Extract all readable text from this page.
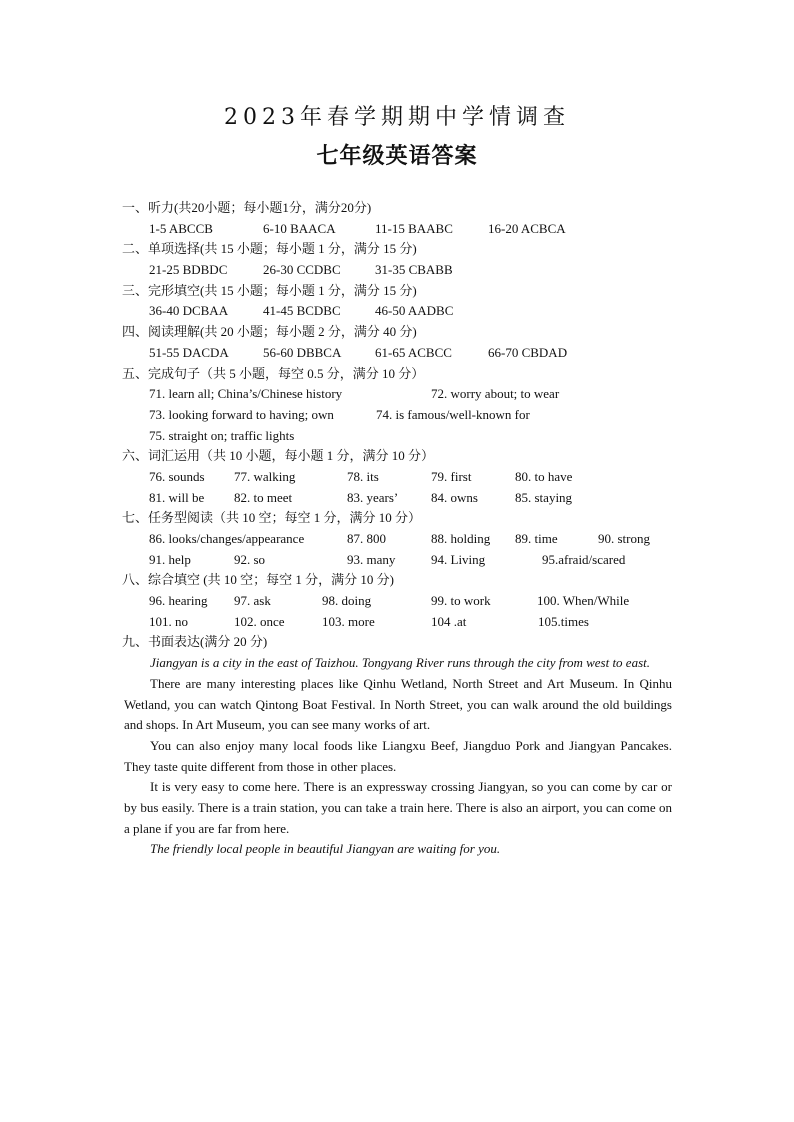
2023年春学期期中学情调查
七年级英语答案
一、听力(共20小题；每小题1分，满分20分)
1-5 ABCCB	6-10 BAACA	11-15 BAABC	16-20 ACBCA
二、单项选择(共 15 小题；每小题 1 分，满分 15 分)
21-25 BDBDC	26-30 CCDBC	31-35 CBABB
三、完形填空(共 15 小题；每小题 1 分，满分 15 分)
36-40 DCBAA	41-45 BCDBC	46-50 AADBC
四、阅读理解(共 20 小题；每小题 2 分，满分 40 分)
51-55 DACDA	56-60 DBBCA	61-65 ACBCC	66-70 CBDAD
五、完成句子（共 5 小题，每空 0.5 分，满分 10 分）
71. learn all; China’s/Chinese history	72. worry about; to wear
73. looking forward to having; own	74. is famous/well-known for
75. straight on; traffic lights
六、词汇运用（共 10 小题，每小题 1 分，满分 10 分）
76. sounds 77. walking	78. its	79. first	80. to have
81. will be 82. to meet	83. years’	84. owns	85. staying
七、任务型阅读（共 10 空；每空 1 分，满分 10 分）
86. looks/changes/appearance	87. 800	88. holding 89. time	90. strong
91. help	92. so	93. many	94. Living	95.afraid/scared
八、综合填空 (共 10 空；每空 1 分，满分 10 分)
96. hearing 97. ask	98. doing	99. to work	100. When/While
101. no	102. once	103. more	104 .at	105.times
九、书面表达(满分 20 分)

Jiangyan is a city in the east of Taizhou. Tongyang River runs through the city from west to east.

There are many interesting places like Qinhu Wetland, North Street and Art Museum. In Qinhu Wetland, you can watch Qintong Boat Festival. In North Street, you can walk around the old buildings and shops. In Art Museum, you can see many works of art.

You can also enjoy many local foods like Liangxu Beef, Jiangduo Pork and Jiangyan Pancakes. They taste quite different from those in other places.

It is very easy to come here. There is an expressway crossing Jiangyan, so you can come by car or by bus easily. There is a train station, you can take a train here. There is also an airport, you can come on a plane if you are far from here.

The friendly local people in beautiful Jiangyan are waiting for you.
